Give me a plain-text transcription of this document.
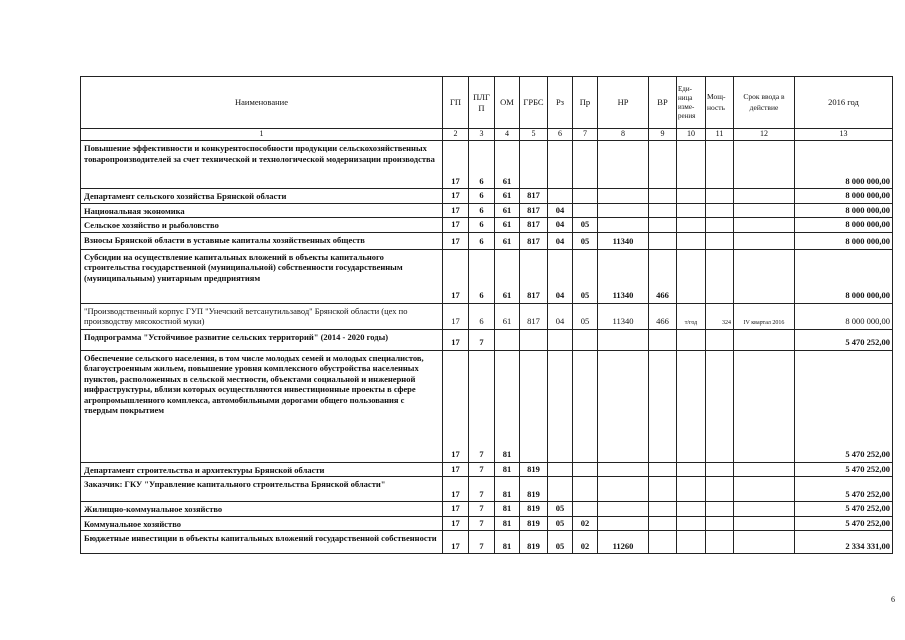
Наименование	ГП	ПЛГ П	ОМ	ГРБС	Рз	Пр	НР	ВР	Еди- ница изме- рения	Мощ- ность	Срок ввода в действие	2016 год
1	2	3	4	5	6	7	8	9	10	11	12	13
Повышение эффективности и конкурентоспособности продукции сельскохозяйственных товаропроизводителей за счет технической и технологической модернизации производства	17	6	61									8 000 000,00
Департамент сельского хозяйства Брянской области	17	6	61	817								8 000 000,00
Национальная экономика	17	6	61	817	04							8 000 000,00
Сельское хозяйство и рыболовство	17	6	61	817	04	05						8 000 000,00
Взносы Брянской области в уставные капиталы хозяйственных обществ	17	6	61	817	04	05	11340					8 000 000,00
Субсидии на осуществление капитальных вложений в объекты капитального строительства государственной (муниципальной) собственности государственным (муниципальным) унитарным предприятиям	17	6	61	817	04	05	11340	466				8 000 000,00
"Производственный корпус ГУП "Унечский ветсанутильзавод" Брянской области (цех по производству мясокостной муки)	17	6	61	817	04	05	11340	466	т/год	324	IV квартал 2016	8 000 000,00
Подпрограмма "Устойчивое развитие сельских территорий" (2014 - 2020 годы)	17	7										5 470 252,00
Обеспечение сельского населения, в том числе молодых семей и молодых специалистов, благоустроенным жильем, повышение уровня комплексного обустройства населенных пунктов, расположенных в сельской местности, объектами социальной и инженерной инфраструктуры, вблизи которых осуществляются инвестиционные проекты в сфере агропромышленного комплекса, автомобильными дорогами общего пользования с твердым покрытием	17	7	81									5 470 252,00
Департамент строительства и архитектуры Брянской области	17	7	81	819								5 470 252,00
Заказчик: ГКУ "Управление капитального строительства Брянской области"	17	7	81	819								5 470 252,00
Жилищно-коммунальное хозяйство	17	7	81	819	05							5 470 252,00
Коммунальное хозяйство	17	7	81	819	05	02						5 470 252,00
Бюджетные инвестиции в объекты капитальных вложений государственной собственности	17	7	81	819	05	02	11260					2 334 331,00
6
